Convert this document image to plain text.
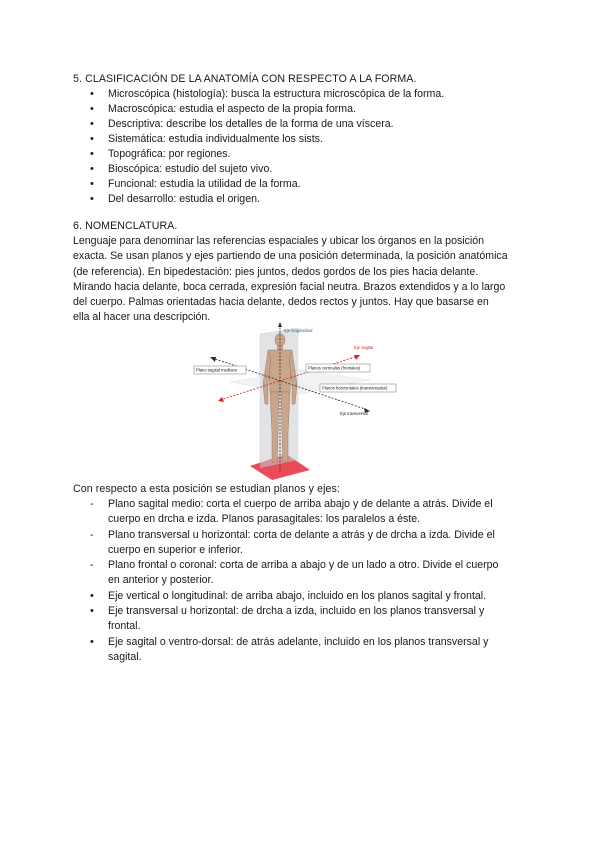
5. CLASIFICACIÓN DE LA ANATOMÍA CON RESPECTO A LA FORMA.
• Microscópica (histología): busca la estructura microscópica de la forma.
• Macroscópica: estudia el aspecto de la propia forma.
• Descriptiva: describe los detalles de la forma de una víscera.
• Sistemática: estudia individualmente los sists.
• Topográfica: por regiones.
• Bioscópica: estudio del sujeto vivo.
• Funcional: estudia la utilidad de la forma.
• Del desarrollo: estudia el origen.
6. NOMENCLATURA.
Lenguaje para denominar las referencias espaciales y ubicar los órganos en la posición
exacta. Se usan planos y ejes partiendo de una posición determinada, la posición anatómica
(de referencia). En bipedestación: pies juntos, dedos gordos de los pies hacia delante.
Mirando hacia delante, boca cerrada, expresión facial neutra. Brazos extendidos y a lo largo
del cuerpo. Palmas orientadas hacia delante, dedos rectos y juntos. Hay que basarse en
ella al hacer una descripción.
Eje longitudinal
Eje sagital
Plano sagital mediano	Planos coronales (frontales)
Planos horizontales (transversales)
Eje transversal
Con respecto a esta posición se estudian planos y ejes:
- Plano sagital medio: corta el cuerpo de arriba abajo y de delante a atrás. Divide el
cuerpo en drcha e izda. Planos parasagitales: los paralelos a éste.
- Plano transversal u horizontal: corta de delante a atrás y de drcha a izda. Divide el
cuerpo en superior e inferior.
- Plano frontal o coronal: corta de arriba a abajo y de un lado a otro. Divide el cuerpo
en anterior y posterior.
• Eje vertical o longitudinal: de arriba abajo, incluido en los planos sagital y frontal.
• Eje transversal u horizontal: de drcha a izda, incluido en los planos transversal y
frontal.
• Eje sagital o ventro-dorsal: de atrás adelante, incluido en los planos transversal y
sagital.
